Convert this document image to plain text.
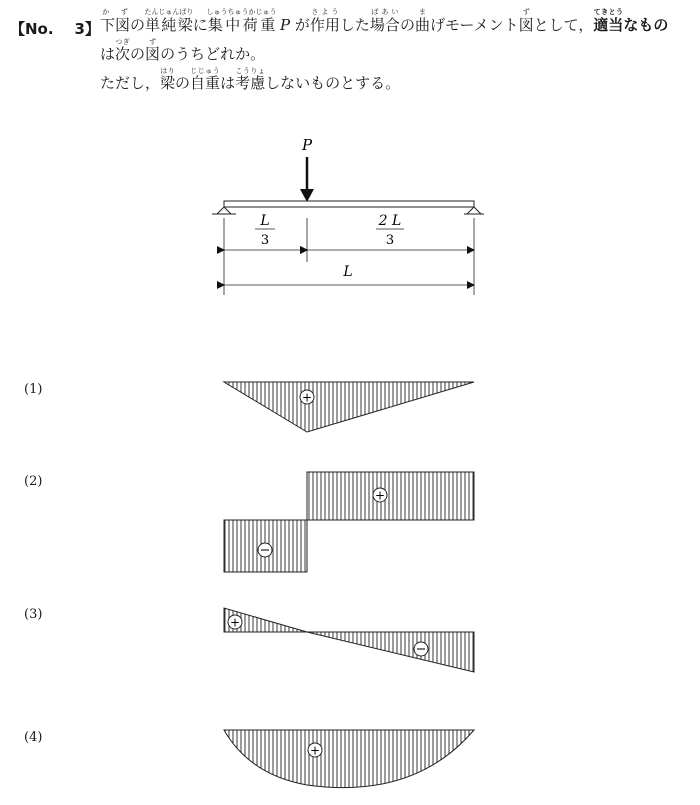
【No.    3】 下図か ずの単純梁たんじゅんばりに集中荷重しゅうちゅうかじゅう P が作用さようした場合ばあいの曲まげモーメント図ずとして，適当てきとうなもの
は次つぎの図ずのうちどれか。
ただし，梁はりの自重じじゅうは考慮こうりょしないものとする。
P
L
3
2 L
3
L
+
+
+
+
(1)
(2)
(3)
(4)
